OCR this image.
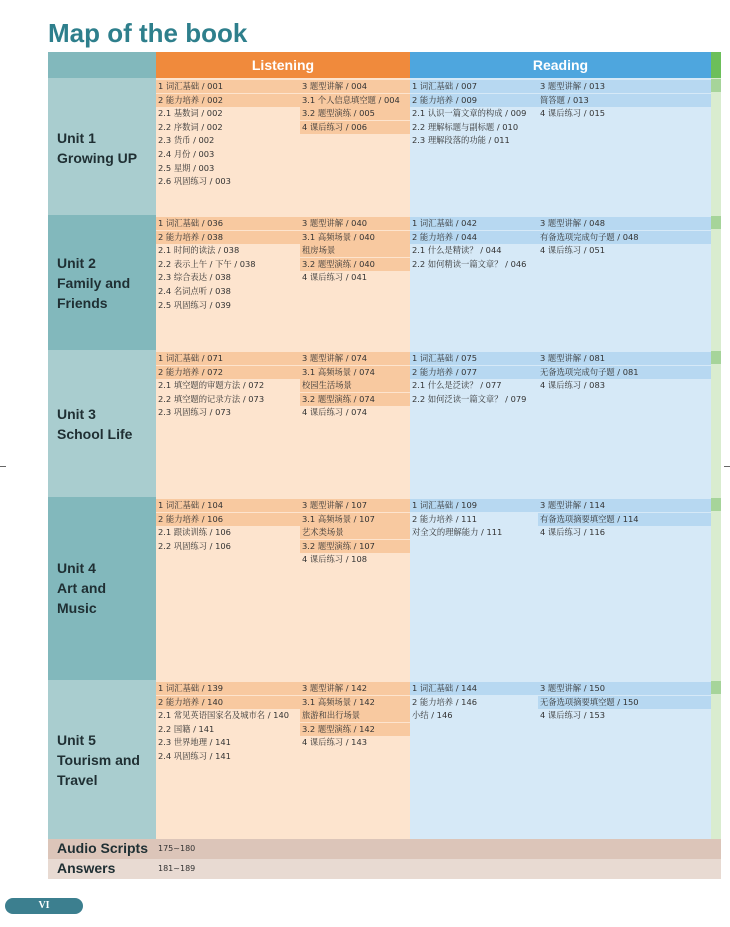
Map of the book
Listening	Reading
Unit 1
Growing UP
1 词汇基础 / 001
2 能力培养 / 002
2.1 基数词 / 002
2.2 序数词 / 002
2.3 货币 / 002
2.4 月份 / 003
2.5 星期 / 003
2.6 巩固练习 / 003
3 题型讲解 / 004
3.1 个人信息填空题 / 004
3.2 题型演练 / 005
4 课后练习 / 006
1 词汇基础 / 007
2 能力培养 / 009
2.1 认识一篇文章的构成 / 009
2.2 理解标题与副标题 / 010
2.3 理解段落的功能 / 011
3 题型讲解 / 013
简答题 / 013
4 课后练习 / 015
Unit 2
Family and
Friends
1 词汇基础 / 036
2 能力培养 / 038
2.1 时间的读法 / 038
2.2 表示上午 / 下午 / 038
2.3 综合表达 / 038
2.4 名词点听 / 038
2.5 巩固练习 / 039
3 题型讲解 / 040
3.1 高频场景 / 040
租房场景
3.2 题型演练 / 040
4 课后练习 / 041
1 词汇基础 / 042
2 能力培养 / 044
2.1 什么是精读？ / 044
2.2 如何精读一篇文章？ / 046
3 题型讲解 / 048
有备选项完成句子题 / 048
4 课后练习 / 051
Unit 3
School Life
1 词汇基础 / 071
2 能力培养 / 072
2.1 填空题的审题方法 / 072
2.2 填空题的记录方法 / 073
2.3 巩固练习 / 073
3 题型讲解 / 074
3.1 高频场景 / 074
校园生活场景
3.2 题型演练 / 074
4 课后练习 / 074
1 词汇基础 / 075
2 能力培养 / 077
2.1 什么是泛读？ / 077
2.2 如何泛读一篇文章？ / 079
3 题型讲解 / 081
无备选项完成句子题 / 081
4 课后练习 / 083
Unit 4
Art and
Music
1 词汇基础 / 104
2 能力培养 / 106
2.1 跟读训练 / 106
2.2 巩固练习 / 106
3 题型讲解 / 107
3.1 高频场景 / 107
艺术类场景
3.2 题型演练 / 107
4 课后练习 / 108
1 词汇基础 / 109
2 能力培养 / 111
对全文的理解能力 / 111
3 题型讲解 / 114
有备选项摘要填空题 / 114
4 课后练习 / 116
Unit 5
Tourism and
Travel
1 词汇基础 / 139
2 能力培养 / 140
2.1 常见英语国家名及城市名 / 140
2.2 国籍 / 141
2.3 世界地理 / 141
2.4 巩固练习 / 141
3 题型讲解 / 142
3.1 高频场景 / 142
旅游和出行场景
3.2 题型演练 / 142
4 课后练习 / 143
1 词汇基础 / 144
2 能力培养 / 146
小结 / 146
3 题型讲解 / 150
无备选项摘要填空题 / 150
4 课后练习 / 153
Audio Scripts 175~180
Answers	181~189
VI
